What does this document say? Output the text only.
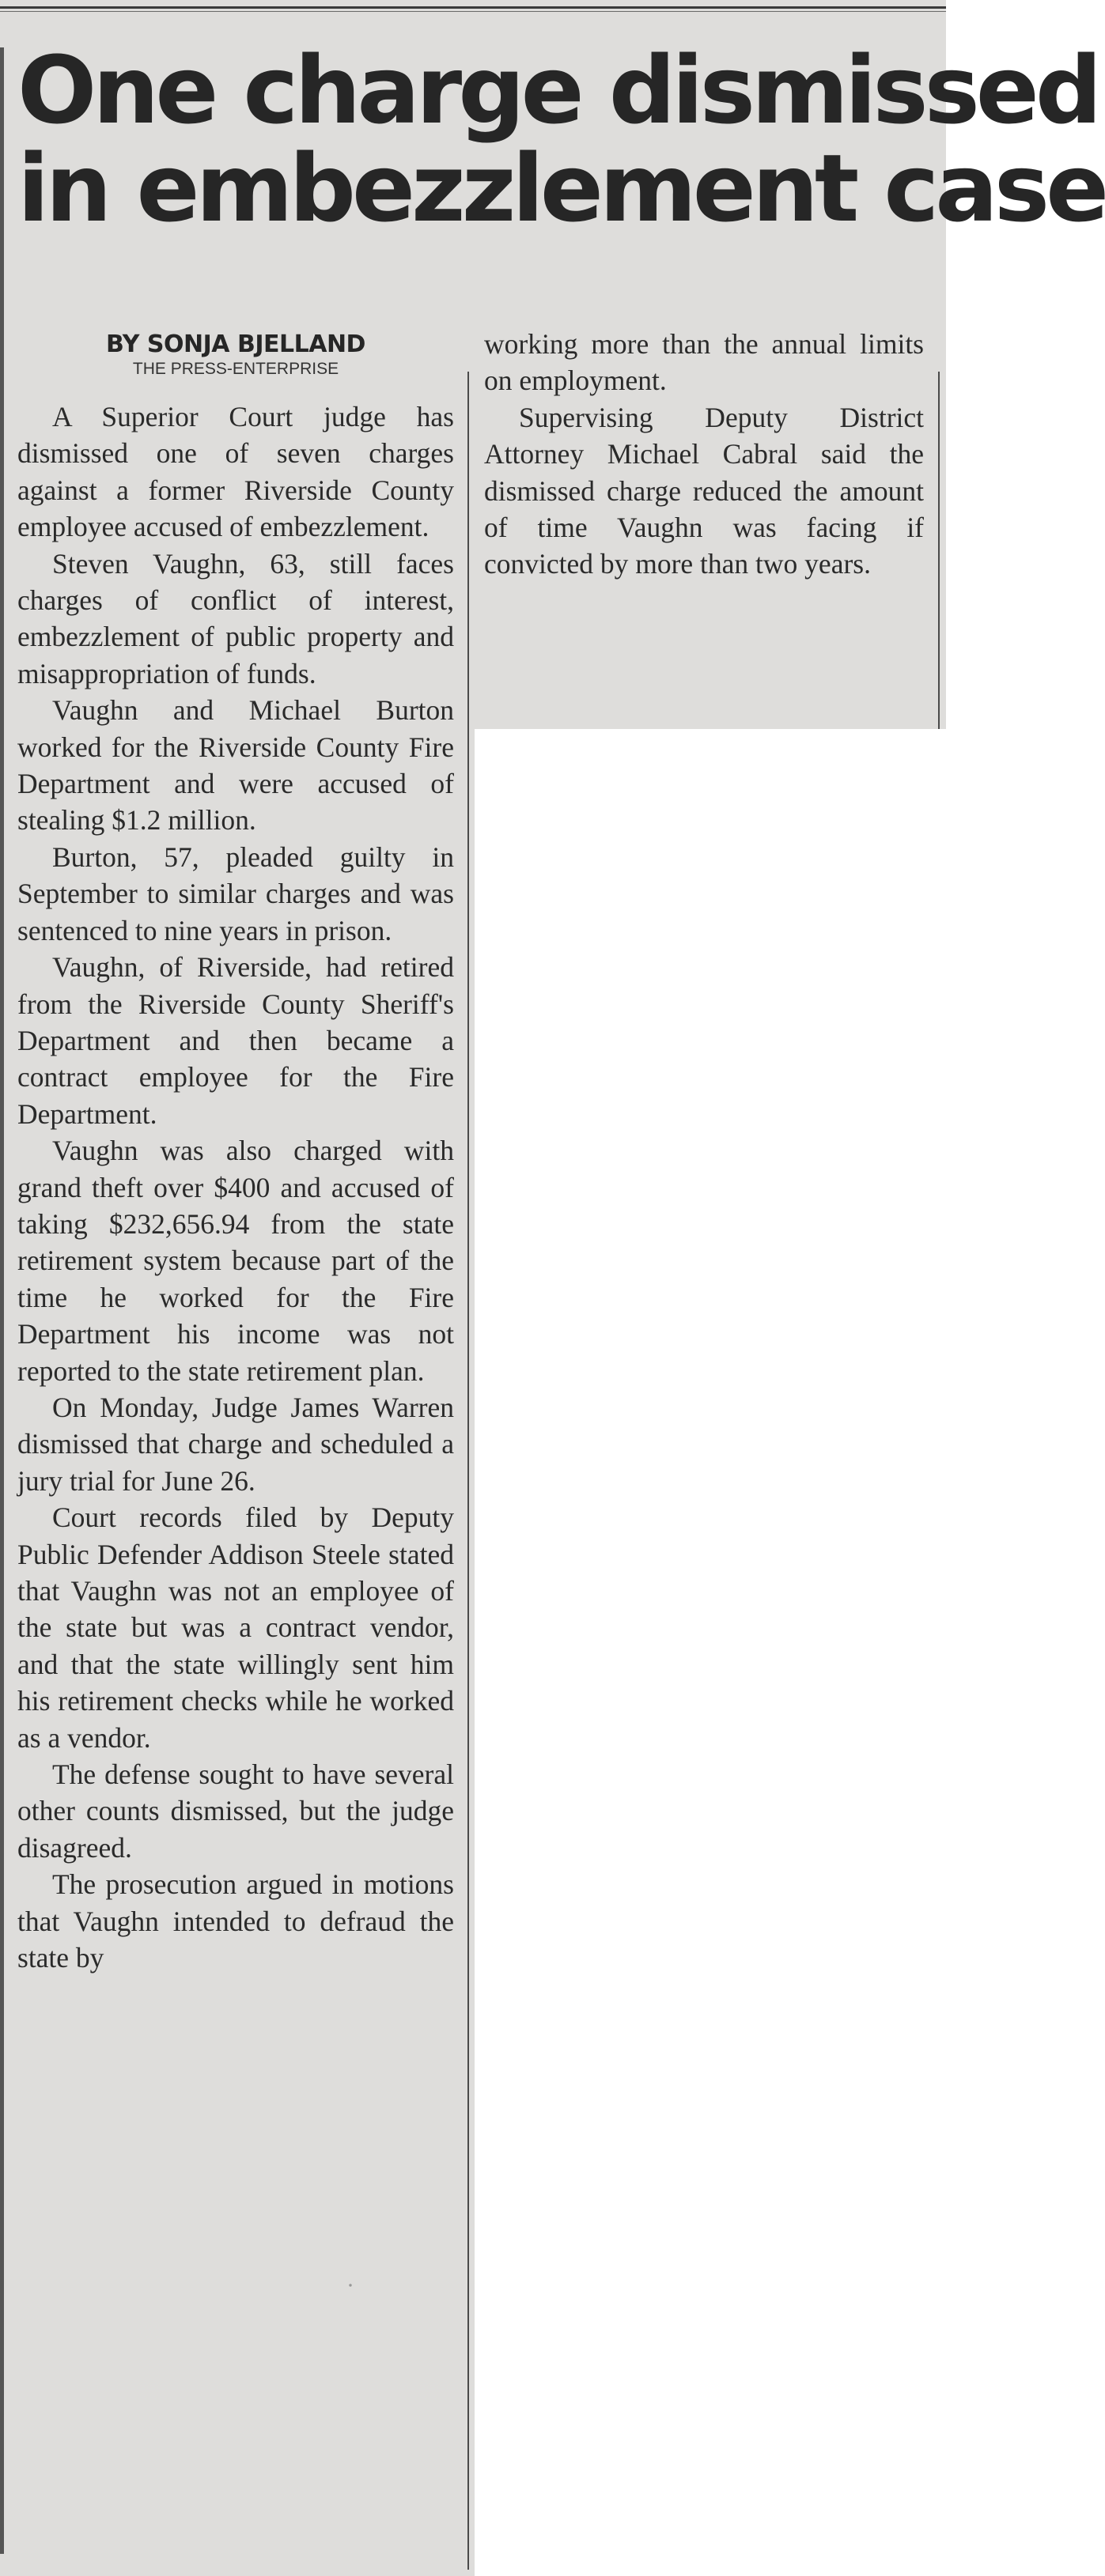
One charge dismissed
in embezzlement case
BY SONJA BJELLAND
THE PRESS-ENTERPRISE

A Superior Court judge has dismissed one of seven charges against a former Riverside County employee accused of embezzlement.

Steven Vaughn, 63, still faces charges of conflict of interest, embezzlement of public property and misappropriation of funds.

Vaughn and Michael Burton worked for the Riverside County Fire Department and were accused of stealing $1.2 million.

Burton, 57, pleaded guilty in September to similar charges and was sentenced to nine years in prison.

Vaughn, of Riverside, had retired from the Riverside County Sheriff's Department and then became a contract employee for the Fire Department.

Vaughn was also charged with grand theft over $400 and accused of taking $232,656.94 from the state retirement system because part of the time he worked for the Fire Department his income was not reported to the state retirement plan.

On Monday, Judge James Warren dismissed that charge and scheduled a jury trial for June 26.

Court records filed by Deputy Public Defender Addison Steele stated that Vaughn was not an employee of the state but was a contract vendor, and that the state willingly sent him his retirement checks while he worked as a vendor.

The defense sought to have several other counts dismissed, but the judge disagreed.

The prosecution argued in motions that Vaughn intended to defraud the state by

working more than the annual limits on employment.

Supervising Deputy District Attorney Michael Cabral said the dismissed charge reduced the amount of time Vaughn was facing if convicted by more than two years.

·
